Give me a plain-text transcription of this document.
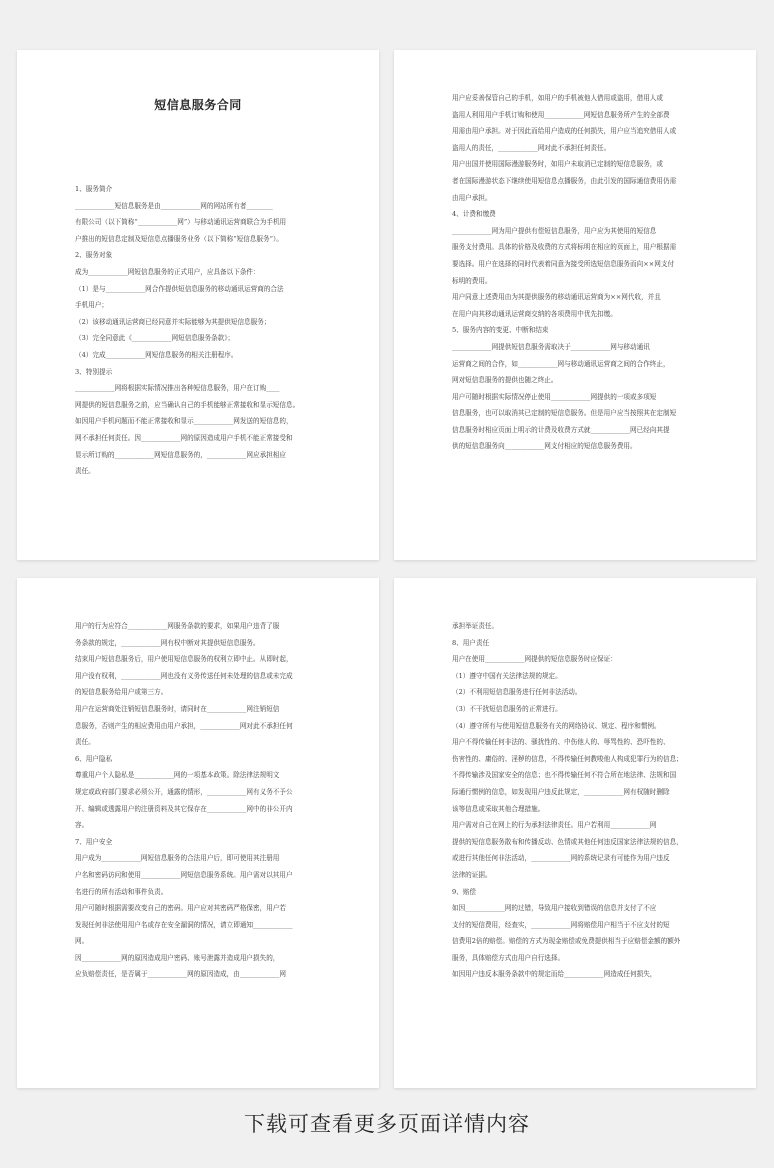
短信息服务合同
1、服务简介
____________短信息服务是由____________网的网站所有者________
有限公司（以下简称“____________网”）与移动通讯运营商联合为手机用
户推出的短信息定制及短信息点播服务业务（以下简称“短信息服务”）。
2、服务对象
成为____________网短信息服务的正式用户，应具备以下条件：
（1）是与____________网合作提供短信息服务的移动通讯运营商的合法
手机用户；
（2）该移动通讯运营商已经同意并实际能够为其提供短信息服务；
（3）完全同意此《____________网短信息服务条款》；
（4）完成____________网短信息服务的相关注册程序。
3、特别提示
____________网将根据实际情况推出各种短信息服务，用户在订购____
网提供的短信息服务之前，应当确认自己的手机能够正常接收和显示短信息。
如因用户手机问题而不能正常接收和显示____________网发送的短信息的，
网不承担任何责任。因____________网的原因造成用户手机不能正常接受和
显示所订购的____________网短信息服务的，____________网应承担相应
责任。
用户应妥善保管自己的手机，如用户的手机被他人借用或盗用，借用人或
盗用人利用用户手机订购和使用____________网短信息服务所产生的全部费
用需由用户承担。对于因此而给用户造成的任何损失，用户应当追究借用人或
盗用人的责任，____________网对此不承担任何责任。
用户出国并使用国际漫游服务时，如用户未取消已定制的短信息服务，或
者在国际漫游状态下继续使用短信息点播服务，由此引发的国际通信费用仍需
由用户承担。
4、计费和缴费
____________网为用户提供有偿短信息服务，用户应为其使用的短信息
服务支付费用。具体的价格及收费的方式将标明在相应的页面上，用户根据需
要选择。用户在选择的同时代表着同意为接受所选短信息服务而向××网支付
标明的费用。
用户同意上述费用由为其提供服务的移动通讯运营商为××网代收，并且
在用户向其移动通讯运营商交纳的各项费用中优先扣缴。
5、服务内容的变更、中断和结束
____________网提供短信息服务需取决于____________网与移动通讯
运营商之间的合作，如____________网与移动通讯运营商之间的合作终止，
网对短信息服务的提供也随之终止。
用户可随时根据实际情况停止使用____________网提供的一项或多项短
信息服务，也可以取消其已定制的短信息服务。但是用户应当按照其在定制短
信息服务时相应页面上明示的计费及收费方式就____________网已经向其提
供的短信息服务向____________网支付相应的短信息服务费用。
用户的行为应符合____________网服务条款的要求，如果用户违背了服
务条款的规定，____________网有权中断对其提供短信息服务。
结束用户短信息服务后，用户使用短信息服务的权利立即中止。从即时起，
用户没有权利，____________网也没有义务传送任何未处理的信息或未完成
的短信息服务给用户或第三方。
用户在运营商处注销短信息服务时，请同时在____________网注销短信
息服务，否则产生的相应费用由用户承担，____________网对此不承担任何
责任。
6、用户隐私
尊重用户个人隐私是____________网的一项基本政策。除法律法规明文
规定或政府部门要求必须公开，通露的情形，____________网有义务不予公
开、编辑或透露用户的注册资料及其它保存在____________网中的非公开内
容。
7、用户安全
用户成为____________网短信息服务的合法用户后，即可使用其注册用
户名和密码访问和使用____________网短信息服务系统。用户需对以其用户
名进行的所有活动和事件负责。
用户可随时根据需要改变自己的密码。用户应对其密码严格保密，用户若
发现任何非法使用用户名或存在安全漏洞的情况，请立即通知____________
网。
因____________网的原因造成用户密码、账号泄露并造成用户损失的，
应负赔偿责任，是否属于____________网的原因造成，由____________网
承担举证责任。
8、用户责任
用户在使用____________网提供的短信息服务时应保证：
（1）遵守中国有关法律法规的规定。
（2）不利用短信息服务进行任何非法活动。
（3）不干扰短信息服务的正常进行。
（4）遵守所有与使用短信息服务有关的网络协议、规定、程序和惯例。
用户不得传输任何非法的、骚扰性的、中伤他人的、辱骂性的、恐吓性的、
伤害性的、庸俗的、淫秽的信息，不得传输任何教唆他人构成犯罪行为的信息；
不得传输涉及国家安全的信息；也不得传输任何不符合所在地法律、法规和国
际通行惯例的信息，如发现用户违反此规定，____________网有权随时删除
该等信息或采取其他合理措施。
用户需对自己在网上的行为承担法律责任。用户若利用____________网
提供的短信息服务散布和传播反动、色情或其他任何违反国家法律法规的信息，
或进行其他任何非法活动，____________网的系统记录有可能作为用户违反
法律的证据。
9、赔偿
如因____________网的过错，导致用户接收到错误的信息并支付了不应
支付的短信费用，经查实，____________网将赔偿用户相当于不应支付的短
信费用2倍的赔偿。赔偿的方式为现金赔偿或免费提供相当于应赔偿金额的额外
服务，具体赔偿方式由用户自行选择。
如因用户违反本服务条款中的规定而给____________网造成任何损失，
下载可查看更多页面详情内容
